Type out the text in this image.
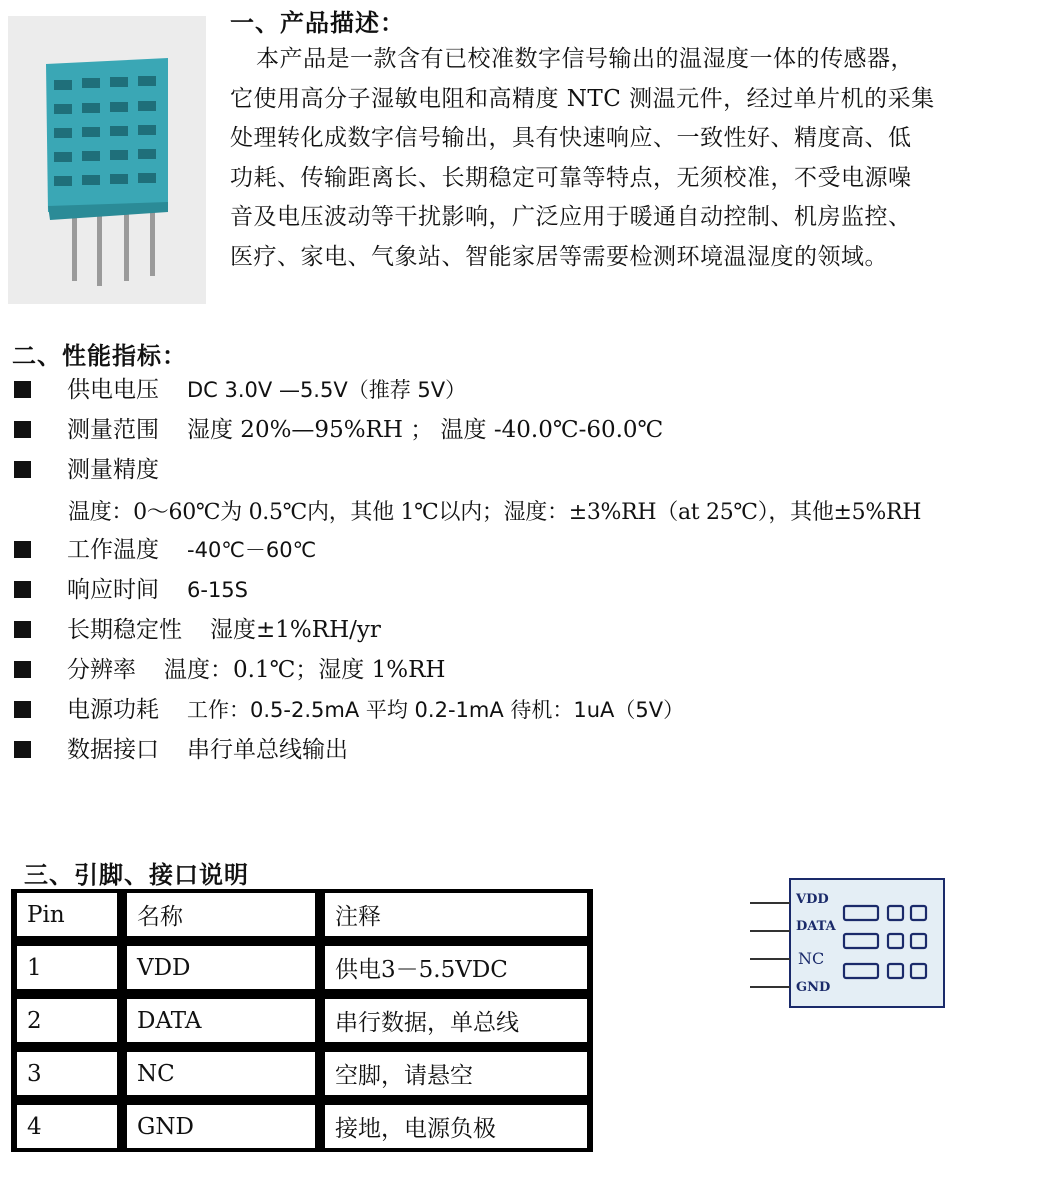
一、产品描述：

本产品是一款含有已校准数字信号输出的温湿度一体的传感器，

它使用高分子湿敏电阻和高精度 NTC 测温元件，经过单片机的采集

处理转化成数字信号输出，具有快速响应、一致性好、精度高、低

功耗、传输距离长、长期稳定可靠等特点，无须校准，不受电源噪

音及电压波动等干扰影响，广泛应用于暖通自动控制、机房监控、

医疗、家电、气象站、智能家居等需要检测环境温湿度的领域。

二、性能指标：
供电电压 DC 3.0V —5.5V（推荐 5V）
测量范围 湿度 20%—95%RH ； 温度 -40.0℃-60.0℃
测量精度
温度：0～60℃为 0.5℃内，其他 1℃以内；湿度：±3%RH（at 25℃），其他±5%RH
工作温度 -40℃－60℃
响应时间 6-15S
长期稳定性 湿度±1%RH/yr
分辨率 温度：0.1℃；湿度 1%RH
电源功耗 工作：0.5-2.5mA 平均 0.2-1mA 待机：1uA（5V）
数据接口 串行单总线输出
三、引脚、接口说明
Pin	名称	注释
1	VDD	供电3－5.5VDC
2	DATA	串行数据，单总线
3	NC	空脚，请悬空
4	GND	接地，电源负极
VDD
DATA
NC
GND
